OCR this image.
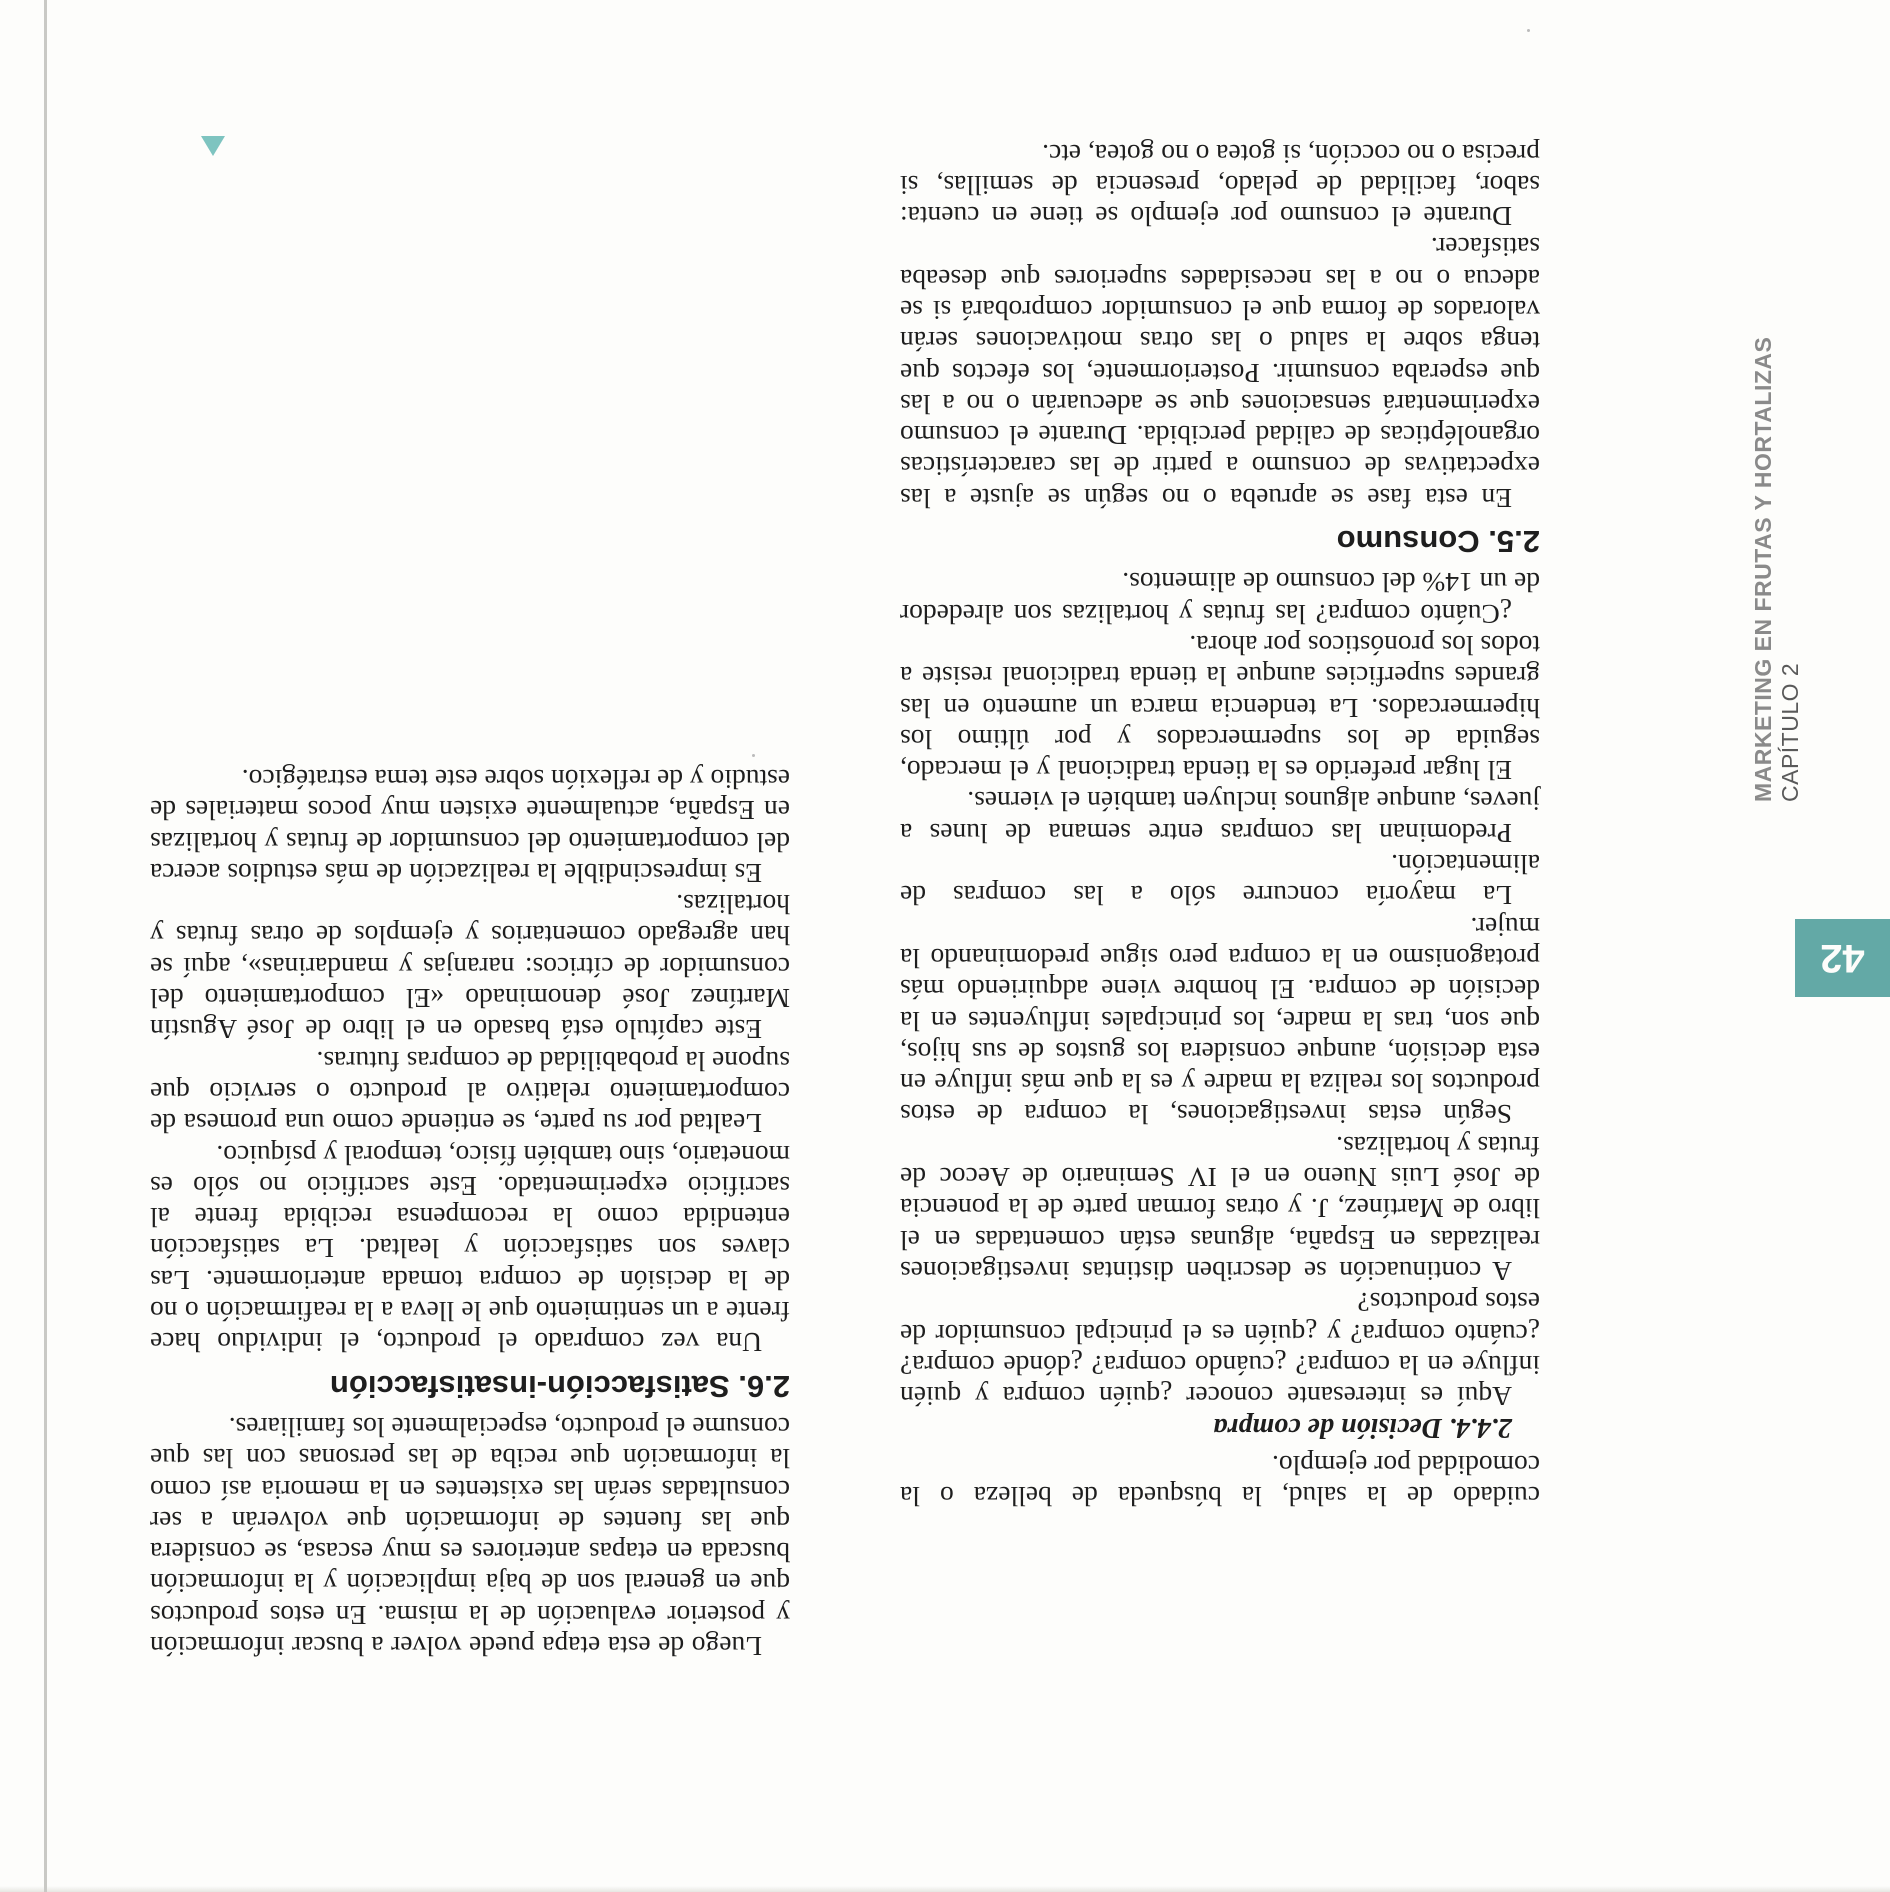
42
MARKETING EN FRUTAS Y HORTALIZAS CAPÍTULO 2

cuidado de la salud, la búsqueda de belleza o la comodidad por ejemplo.

2.4.4. Decisión de compra

Aquí es interesante conocer ¿quién compra y quién influye en la compra? ¿cuándo compra? ¿dónde compra? ¿cuánto compra? y ¿quién es el principal consumidor de estos productos?

A continuación se describen distintas investigaciones realizadas en España, algunas están comentadas en el libro de Martínez, J. y otras forman parte de la ponencia de José Luis Nueno en el IV Seminario de Aecoc de frutas y hortalizas.

Según estas investigaciones, la compra de estos productos los realiza la madre y es la que más influye en esta decisión, aunque considera los gustos de sus hijos, que son, tras la madre, los principales influyentes en la decisión de compra. El hombre viene adquiriendo más protagonismo en la compra pero sigue predominando la mujer.

La mayoría concurre sólo a las compras de alimentación.

Predominan las compras entre semana de lunes a jueves, aunque algunos incluyen también el viernes.

El lugar preferido es la tienda tradicional y el mercado, seguida de los supermercados y por último los hipermercados. La tendencia marca un aumento en las grandes superficies aunque la tienda tradicional resiste a todos los pronósticos por ahora.

¿Cuánto compra? las frutas y hortalizas son alrededor de un 14% del consumo de alimentos.

2.5. Consumo

En esta fase se aprueba o no según se ajuste a las expectativas de consumo a partir de las características organolépticas de calidad percibida. Durante el consumo experimentará sensaciones que se adecuarán o no a las que esperaba consumir. Posteriormente, los efectos que tenga sobre la salud o las otras motivaciones serán valorados de forma que el consumidor comprobará si se adecua o no a las necesidades superiores que deseaba satisfacer.

Durante el consumo por ejemplo se tiene en cuenta: sabor, facilidad de pelado, presencia de semillas, si precisa o no cocción, si gotea o no gotea, etc.

Luego de esta etapa puede volver a buscar información y posterior evaluación de la misma. En estos productos que en general son de baja implicación y la información buscada en etapas anteriores es muy escasa, se considera que las fuentes de información que volverán a ser consultadas serán las existentes en la memoria así como la información que reciba de las personas con las que consume el producto, especialmente los familiares.

2.6. Satisfacción-insatisfacción

Una vez comprado el producto, el individuo hace frente a un sentimiento que le lleva a la reafirmación o no de la decisión de compra tomada anteriormente. Las claves son satisfacción y lealtad. La satisfacción entendida como la recompensa recibida frente al sacrificio experimentado. Este sacrificio no sólo es monetario, sino también físico, temporal y psíquico.

Lealtad por su parte, se entiende como una promesa de comportamiento relativo al producto o servicio que supone la probabilidad de compras futuras.

Este capítulo está basado en el libro de José Agustín Martínez José denominado «El comportamiento del consumidor de cítricos: naranjas y mandarinas», aquí se han agregado comentarios y ejemplos de otras frutas y hortalizas.

Es imprescindible la realización de más estudios acerca del comportamiento del consumidor de frutas y hortalizas en España, actualmente existen muy pocos materiales de estudio y de reflexión sobre este tema estratégico.
